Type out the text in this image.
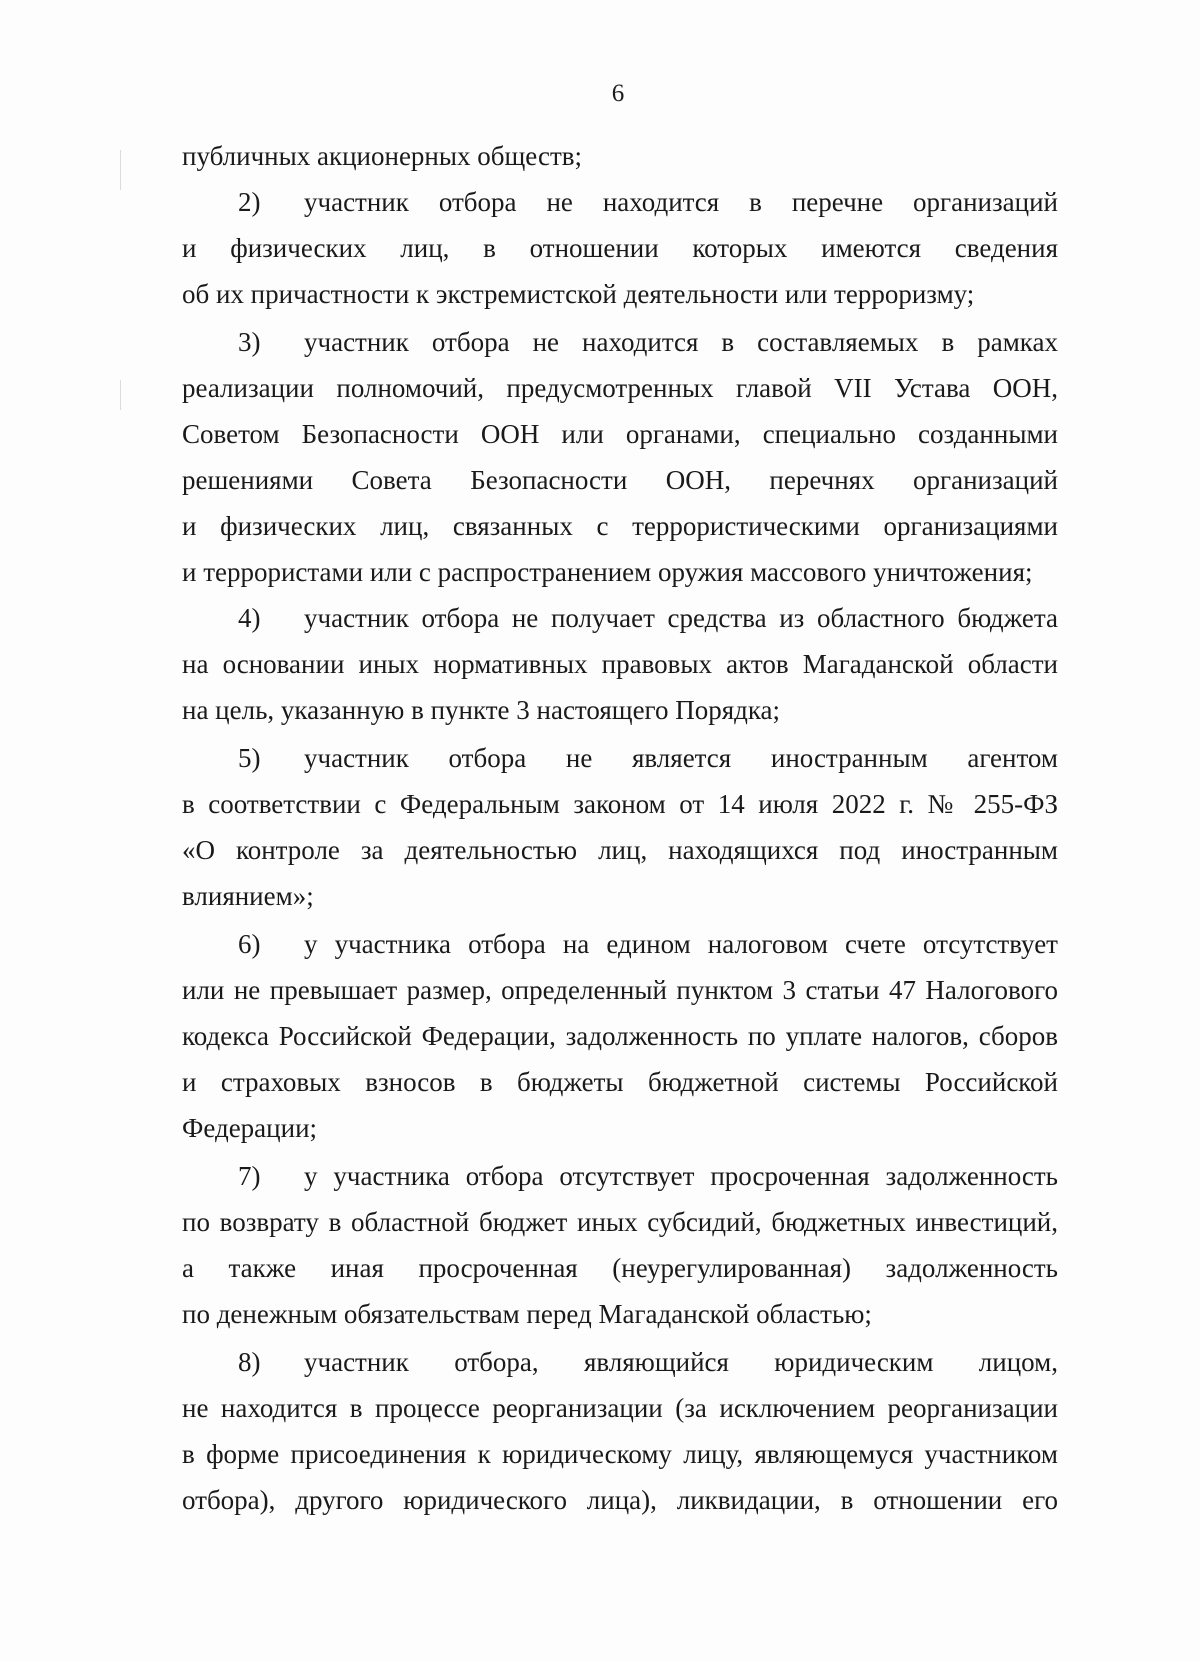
6
публичных акционерных обществ;
2)	участник отбора не находится в перечне организаций
и физических лиц, в отношении которых имеются сведения
об их причастности к экстремистской деятельности или терроризму;
3)	участник отбора не находится в составляемых в рамках
реализации полномочий, предусмотренных главой VII Устава ООН,
Советом Безопасности ООН или органами, специально созданными
решениями Совета Безопасности ООН, перечнях организаций
и физических лиц, связанных с террористическими организациями
и террористами или с распространением оружия массового уничтожения;
4)	участник отбора не получает средства из областного бюджета
на основании иных нормативных правовых актов Магаданской области
на цель, указанную в пункте 3 настоящего Порядка;
5)	участник отбора не является иностранным агентом
в соответствии с Федеральным законом от 14 июля 2022 г. № 255-ФЗ
«О контроле за деятельностью лиц, находящихся под иностранным
влиянием»;
6)	у участника отбора на едином налоговом счете отсутствует
или не превышает размер, определенный пунктом 3 статьи 47 Налогового
кодекса Российской Федерации, задолженность по уплате налогов, сборов
и страховых взносов в бюджеты бюджетной системы Российской
Федерации;
7)	у участника отбора отсутствует просроченная задолженность
по возврату в областной бюджет иных субсидий, бюджетных инвестиций,
а также иная просроченная (неурегулированная) задолженность
по денежным обязательствам перед Магаданской областью;
8)	участник отбора, являющийся юридическим лицом,
не находится в процессе реорганизации (за исключением реорганизации
в форме присоединения к юридическому лицу, являющемуся участником
отбора), другого юридического лица), ликвидации, в отношении его
